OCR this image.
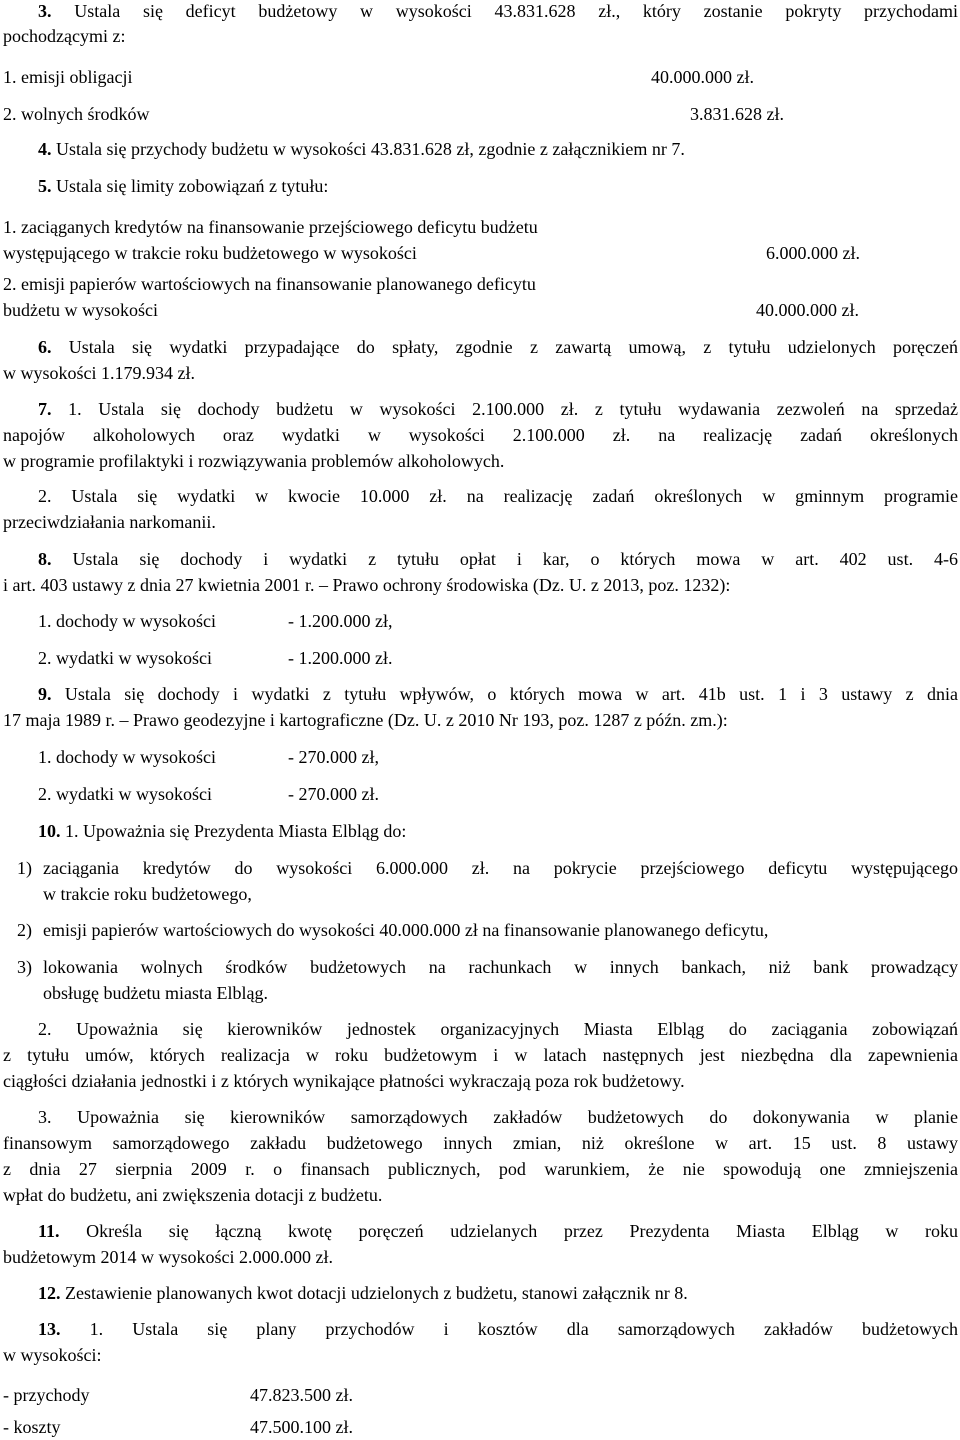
3. Ustala się deficyt budżetowy w wysokości 43.831.628 zł., który zostanie pokryty przychodami
pochodzącymi z:
1. emisji obligacji	40.000.000 zł.
2. wolnych środków	3.831.628 zł.
4. Ustala się przychody budżetu w wysokości 43.831.628 zł, zgodnie z załącznikiem nr 7.
5. Ustala się limity zobowiązań z tytułu:
1. zaciąganych kredytów na finansowanie przejściowego deficytu budżetu
występującego w trakcie roku budżetowego w wysokości	6.000.000 zł.
2. emisji papierów wartościowych na finansowanie planowanego deficytu
budżetu w wysokości	40.000.000 zł.
6. Ustala się wydatki przypadające do spłaty, zgodnie z zawartą umową, z tytułu udzielonych poręczeń
w wysokości 1.179.934 zł.
7. 1. Ustala się dochody budżetu w wysokości 2.100.000 zł. z tytułu wydawania zezwoleń na sprzedaż
napojów alkoholowych oraz wydatki w wysokości 2.100.000 zł. na realizację zadań określonych
w programie profilaktyki i rozwiązywania problemów alkoholowych.
2. Ustala się wydatki w kwocie 10.000 zł. na realizację zadań określonych w gminnym programie
przeciwdziałania narkomanii.
8. Ustala się dochody i wydatki z tytułu opłat i kar, o których mowa w art. 402 ust. 4-6
i art. 403 ustawy z dnia 27 kwietnia 2001 r. – Prawo ochrony środowiska (Dz. U. z 2013, poz. 1232):
1. dochody w wysokości	- 1.200.000 zł,
2. wydatki w wysokości	- 1.200.000 zł.
9. Ustala się dochody i wydatki z tytułu wpływów, o których mowa w art. 41b ust. 1 i 3 ustawy z dnia
17 maja 1989 r. – Prawo geodezyjne i kartograficzne (Dz. U. z 2010 Nr 193, poz. 1287 z późn. zm.):
1. dochody w wysokości	- 270.000 zł,
2. wydatki w wysokości	- 270.000 zł.
10. 1. Upoważnia się Prezydenta Miasta Elbląg do:
1) zaciągania kredytów do wysokości 6.000.000 zł. na pokrycie przejściowego deficytu występującego
w trakcie roku budżetowego,
2) emisji papierów wartościowych do wysokości 40.000.000 zł na finansowanie planowanego deficytu,
3) lokowania wolnych środków budżetowych na rachunkach w innych bankach, niż bank prowadzący
obsługę budżetu miasta Elbląg.
2. Upoważnia się kierowników jednostek organizacyjnych Miasta Elbląg do zaciągania zobowiązań
z tytułu umów, których realizacja w roku budżetowym i w latach następnych jest niezbędna dla zapewnienia
ciągłości działania jednostki i z których wynikające płatności wykraczają poza rok budżetowy.
3. Upoważnia się kierowników samorządowych zakładów budżetowych do dokonywania w planie
finansowym samorządowego zakładu budżetowego innych zmian, niż określone w art. 15 ust. 8 ustawy
z dnia 27 sierpnia 2009 r. o finansach publicznych, pod warunkiem, że nie spowodują one zmniejszenia
wpłat do budżetu, ani zwiększenia dotacji z budżetu.
11. Określa się łączną kwotę poręczeń udzielanych przez Prezydenta Miasta Elbląg w roku
budżetowym 2014 w wysokości 2.000.000 zł.
12. Zestawienie planowanych kwot dotacji udzielonych z budżetu, stanowi załącznik nr 8.
13. 1. Ustala się plany przychodów i kosztów dla samorządowych zakładów budżetowych
w wysokości:
- przychody	47.823.500 zł.
- koszty	47.500.100 zł.
